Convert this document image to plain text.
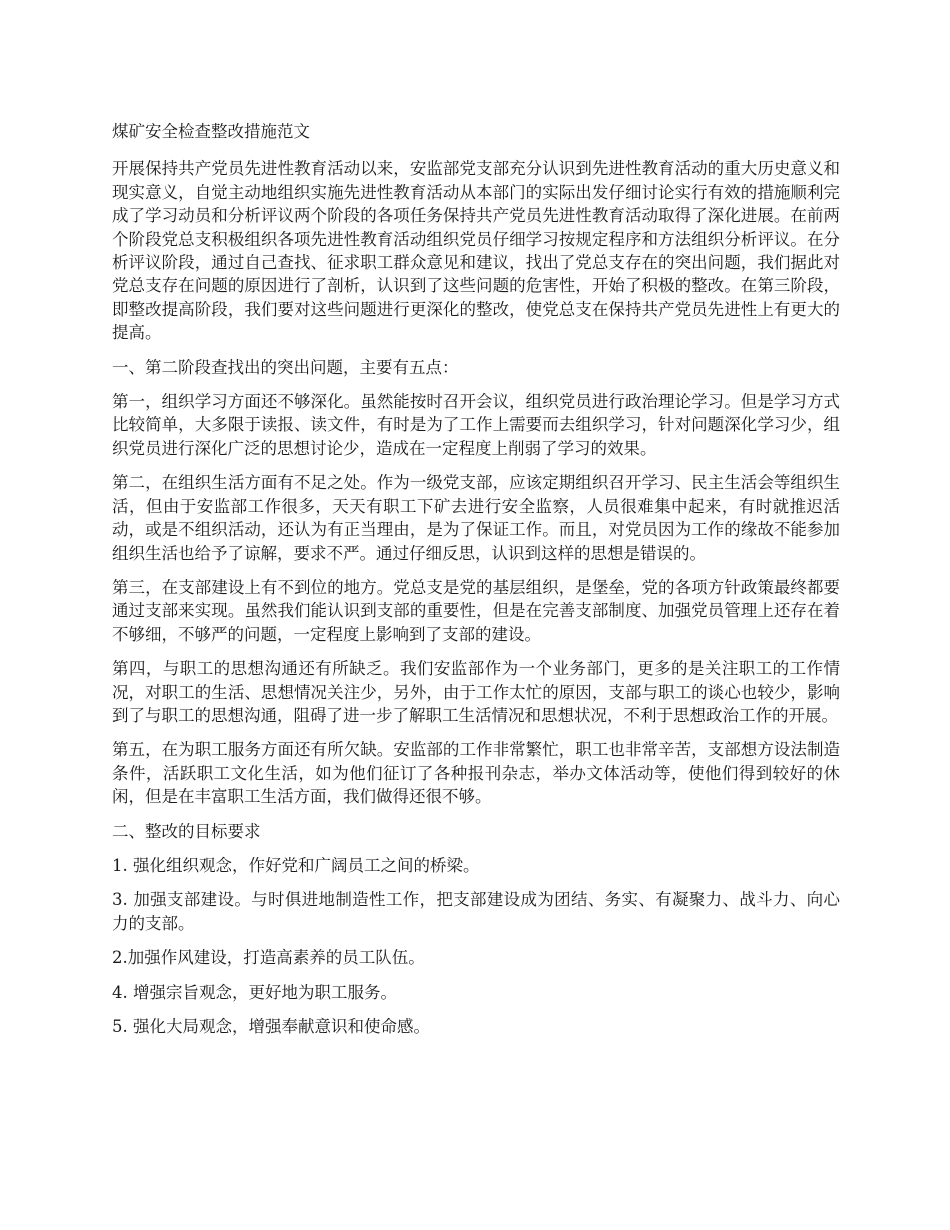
煤矿安全检查整改措施范文

开展保持共产党员先进性教育活动以来，安监部党支部充分认识到先进性教育活动的重大历史意义和现实意义，自觉主动地组织实施先进性教育活动从本部门的实际出发仔细讨论实行有效的措施顺利完成了学习动员和分析评议两个阶段的各项任务保持共产党员先进性教育活动取得了深化进展。在前两个阶段党总支积极组织各项先进性教育活动组织党员仔细学习按规定程序和方法组织分析评议。在分析评议阶段，通过自己查找、征求职工群众意见和建议，找出了党总支存在的突出问题，我们据此对党总支存在问题的原因进行了剖析，认识到了这些问题的危害性，开始了积极的整改。在第三阶段，即整改提高阶段，我们要对这些问题进行更深化的整改，使党总支在保持共产党员先进性上有更大的提高。

一、第二阶段查找出的突出问题，主要有五点：

第一，组织学习方面还不够深化。虽然能按时召开会议，组织党员进行政治理论学习。但是学习方式比较简单，大多限于读报、读文件，有时是为了工作上需要而去组织学习，针对问题深化学习少，组织党员进行深化广泛的思想讨论少，造成在一定程度上削弱了学习的效果。

第二，在组织生活方面有不足之处。作为一级党支部，应该定期组织召开学习、民主生活会等组织生活，但由于安监部工作很多，天天有职工下矿去进行安全监察，人员很难集中起来，有时就推迟活动，或是不组织活动，还认为有正当理由，是为了保证工作。而且，对党员因为工作的缘故不能参加组织生活也给予了谅解，要求不严。通过仔细反思，认识到这样的思想是错误的。

第三，在支部建设上有不到位的地方。党总支是党的基层组织，是堡垒，党的各项方针政策最终都要通过支部来实现。虽然我们能认识到支部的重要性，但是在完善支部制度、加强党员管理上还存在着不够细，不够严的问题，一定程度上影响到了支部的建设。

第四，与职工的思想沟通还有所缺乏。我们安监部作为一个业务部门，更多的是关注职工的工作情况，对职工的生活、思想情况关注少，另外，由于工作太忙的原因，支部与职工的谈心也较少，影响到了与职工的思想沟通，阻碍了进一步了解职工生活情况和思想状况，不利于思想政治工作的开展。

第五，在为职工服务方面还有所欠缺。安监部的工作非常繁忙，职工也非常辛苦，支部想方设法制造条件，活跃职工文化生活，如为他们征订了各种报刊杂志，举办文体活动等，使他们得到较好的休闲，但是在丰富职工生活方面，我们做得还很不够。

二、整改的目标要求

1. 强化组织观念，作好党和广阔员工之间的桥梁。

3. 加强支部建设。与时俱进地制造性工作，把支部建设成为团结、务实、有凝聚力、战斗力、向心力的支部。

2.加强作风建设，打造高素养的员工队伍。

4. 增强宗旨观念，更好地为职工服务。

5. 强化大局观念，增强奉献意识和使命感。
